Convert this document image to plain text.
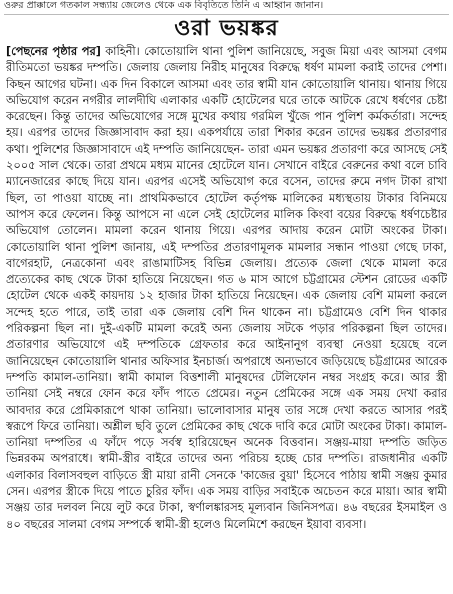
ওরুর প্রাক্কালে গতকাল সন্ধ্যায় জেলেও থেকে এক বিবৃতিতে তিনি এ আহ্বান জানান।
ওরা ভয়ঙ্কর
[পেছনের পৃষ্ঠার পর] কাহিনী। কোতোয়ালি থানা পুলিশ জানিয়েছে, সবুজ মিয়া এবং আসমা বেগম রীতিমতো ভয়ঙ্কর দম্পতি। জেলায় জেলায় নিরীহ মানুষের বিরুদ্ধে ধর্ষণ মামলা করাই তাদের পেশা। কিছন আগের ঘটনা। এক দিন বিকালে আসমা এবং তার স্বামী যান কোতোয়ালি থানায়। থানায় গিয়ে অভিযোগ করেন নগরীর লালদীঘি এলাকার একটি হোটেলের ঘরে তাকে আটকে রেখে ধর্ষণের চেষ্টা করেছেন। কিন্তু তাদের অভিযোগের সঙ্গে মুখের কথায় গরমিল খুঁজে পান পুলিশ কর্মকর্তারা। সন্দেহ হয়। এরপর তাদের জিজ্ঞাসাবাদ করা হয়। একপর্যায়ে তারা শিকার করেন তাদের ভয়ঙ্কর প্রতারণার কথা। পুলিশের জিজ্ঞাসাবাদে এই দম্পতি জানিয়েছেন- তারা এমন ভয়ঙ্কর প্রতারণা করে আসছে সেই ২০০৫ সাল থেকে। তারা প্রথমে মধ্যম মানের হোটেলে যান। সেখানে বাইরে বেরুনের কথা বলে চাবি ম্যানেজারের কাছে দিয়ে যান। এরপর এসেই অভিযোগ করে বসেন, তাদের রুমে নগদ টাকা রাখা ছিল, তা পাওয়া যাচ্ছে না। প্রাথমিকভাবে হোটেল কর্তৃপক্ষ মালিকের মধ্যস্থতায় টাকার বিনিময়ে আপস করে ফেলেন। কিন্তু আপসে না এলে সেই হোটেলের মালিক কিংবা বয়ের বিরুদ্ধে ধর্ষণচেষ্টার অভিযোগ তোলেন। মামলা করেন থানায় গিয়ে। এরপর আদায় করেন মোটা অংকের টাকা। কোতোয়ালি থানা পুলিশ জানায়, এই দম্পতির প্রতারণামূলক মামলার সন্ধান পাওয়া গেছে ঢাকা, বাগেরহাট, নেত্রকোনা এবং রাঙামাটিসহ বিভিন্ন জেলায়। প্রত্যেক জেলা থেকে মামলা করে প্রত্যেকের কাছ থেকে টাকা হাতিয়ে নিয়েছেন। গত ৬ মাস আগে চট্টগ্রামের স্টেশন রোডের একটি হোটেল থেকে একই কায়দায় ১২ হাজার টাকা হাতিয়ে নিয়েছেন। এক জেলায় বেশি মামলা করলে সন্দেহ হতে পারে, তাই তারা এক জেলায় বেশি দিন থাকেন না। চট্টগ্রামেও বেশি দিন থাকার পরিকল্পনা ছিল না। দুই-একটি মামলা করেই অন্য জেলায় সটকে পড়ার পরিকল্পনা ছিল তাদের। প্রতারণার অভিযোগে এই দম্পতিকে গ্রেফতার করে আইনানুগ ব্যবস্থা নেওয়া হয়েছে বলে জানিয়েছেন কোতোয়ালি থানার অফিসার ইনচার্জ। অপরাধে অন্যভাবে জড়িয়েছে চট্টগ্রামের আরেক দম্পতি কামাল-তানিয়া। স্বামী কামাল বিত্তশালী মানুষদের টেলিফোন নম্বর সংগ্রহ করে। আর স্ত্রী তানিয়া সেই নম্বরে ফোন করে ফাঁদ পাতে প্রেমের। নতুন প্রেমিকের সঙ্গে এক সময় দেখা করার আবদার করে প্রেমিকারূপে থাকা তানিয়া। ভালোবাসার মানুষ তার সঙ্গে দেখা করতে আসার পরই স্বরূপে ফিরে তানিয়া। অশ্লীল ছবি তুলে প্রেমিকের কাছ থেকে দাবি করে মোটা অংকের টাকা। কামাল-তানিয়া দম্পতির এ ফাঁদে পড়ে সর্বস্ব হারিয়েছেন অনেক বিত্তবান। সঞ্জয়-মায়া দম্পতি জড়িত ভিন্নরকম অপরাধে। স্বামী-স্ত্রীর বাইরে তাদের অন্য পরিচয় হচ্ছে চোর দম্পতি। রাজধানীর একটি এলাকার বিলাসবহুল বাড়িতে স্ত্রী মায়া রানী সেনকে 'কাজের বুয়া' হিসেবে পাঠায় স্বামী সঞ্জয় কুমার সেন। এরপর স্ত্রীকে দিয়ে পাতে চুরির ফাঁদ। এক সময় বাড়ির সবাইকে অচেতন করে মায়া। আর স্বামী সঞ্জয় তার দলবল নিয়ে লুট করে টাকা, স্বর্ণালঙ্কারসহ মূল্যবান জিনিসপত্র। ৪৬ বছরের ইসমাইল ও ৪০ বছরের সালমা বেগম সম্পর্কে স্বামী-স্ত্রী হলেও মিলেমিশে করছেন ইয়াবা ব্যবসা।
